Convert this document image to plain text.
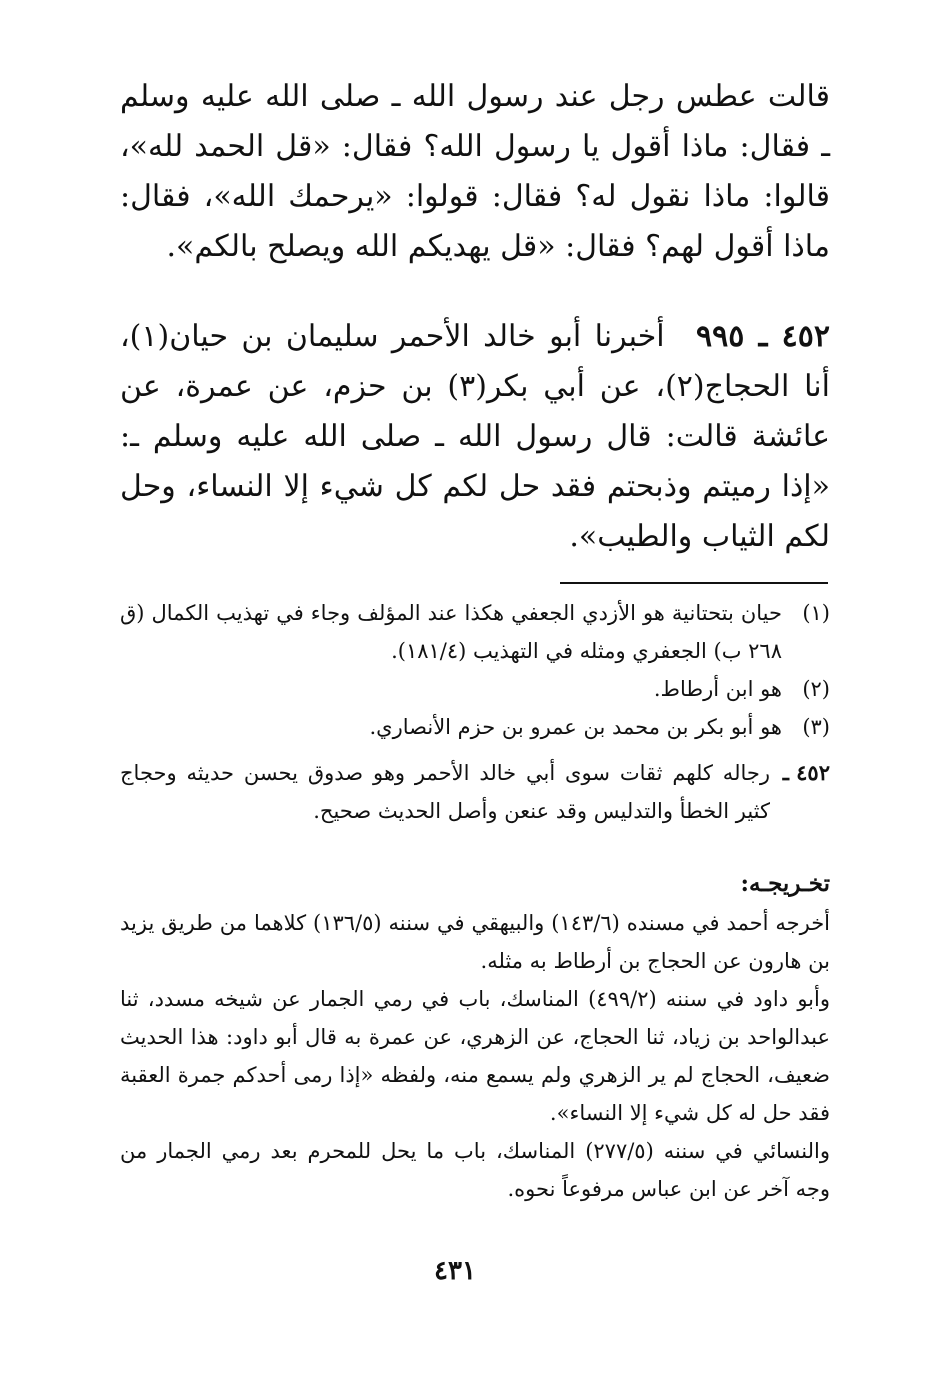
قالت عطس رجل عند رسول الله ـ صلى الله عليه وسلم ـ فقال: ماذا أقول يا رسول الله؟ فقال: «قل الحمد لله»، قالوا: ماذا نقول له؟ فقال: قولوا: «يرحمك الله»، فقال: ماذا أقول لهم؟ فقال: «قل يهديكم الله ويصلح بالكم».

٤٥٢ ـ ٩٩٥ أخبرنا أبو خالد الأحمر سليمان بن حيان(١)، أنا الحجاج(٢)، عن أبي بكر(٣) بن حزم، عن عمرة، عن عائشة قالت: قال رسول الله ـ صلى الله عليه وسلم ـ: «إذا رميتم وذبحتم فقد حل لكم كل شيء إلا النساء، وحل لكم الثياب والطيب».

(١)
حيان بتحتانية هو الأزدي الجعفي هكذا عند المؤلف وجاء في تهذيب الكمال (ق ٢٦٨ ب) الجعفري ومثله في التهذيب (١٨١/٤).
(٢)
هو ابن أرطاط.
(٣)
هو أبو بكر بن محمد بن عمرو بن حزم الأنصاري.
٤٥٢ ـ
رجاله كلهم ثقات سوى أبي خالد الأحمر وهو صدوق يحسن حديثه وحجاج كثير الخطأ والتدليس وقد عنعن وأصل الحديث صحيح.
تخـريجـه:

أخرجه أحمد في مسنده (١٤٣/٦) والبيهقي في سننه (١٣٦/٥) كلاهما من طريق يزيد بن هارون عن الحجاج بن أرطاط به مثله.

وأبو داود في سننه (٤٩٩/٢) المناسك، باب في رمي الجمار عن شيخه مسدد، ثنا عبدالواحد بن زياد، ثنا الحجاج، عن الزهري، عن عمرة به قال أبو داود: هذا الحديث ضعيف، الحجاج لم ير الزهري ولم يسمع منه، ولفظه «إذا رمى أحدكم جمرة العقبة فقد حل له كل شيء إلا النساء».

والنسائي في سننه (٢٧٧/٥) المناسك، باب ما يحل للمحرم بعد رمي الجمار من وجه آخر عن ابن عباس مرفوعاً نحوه.

٤٣١
